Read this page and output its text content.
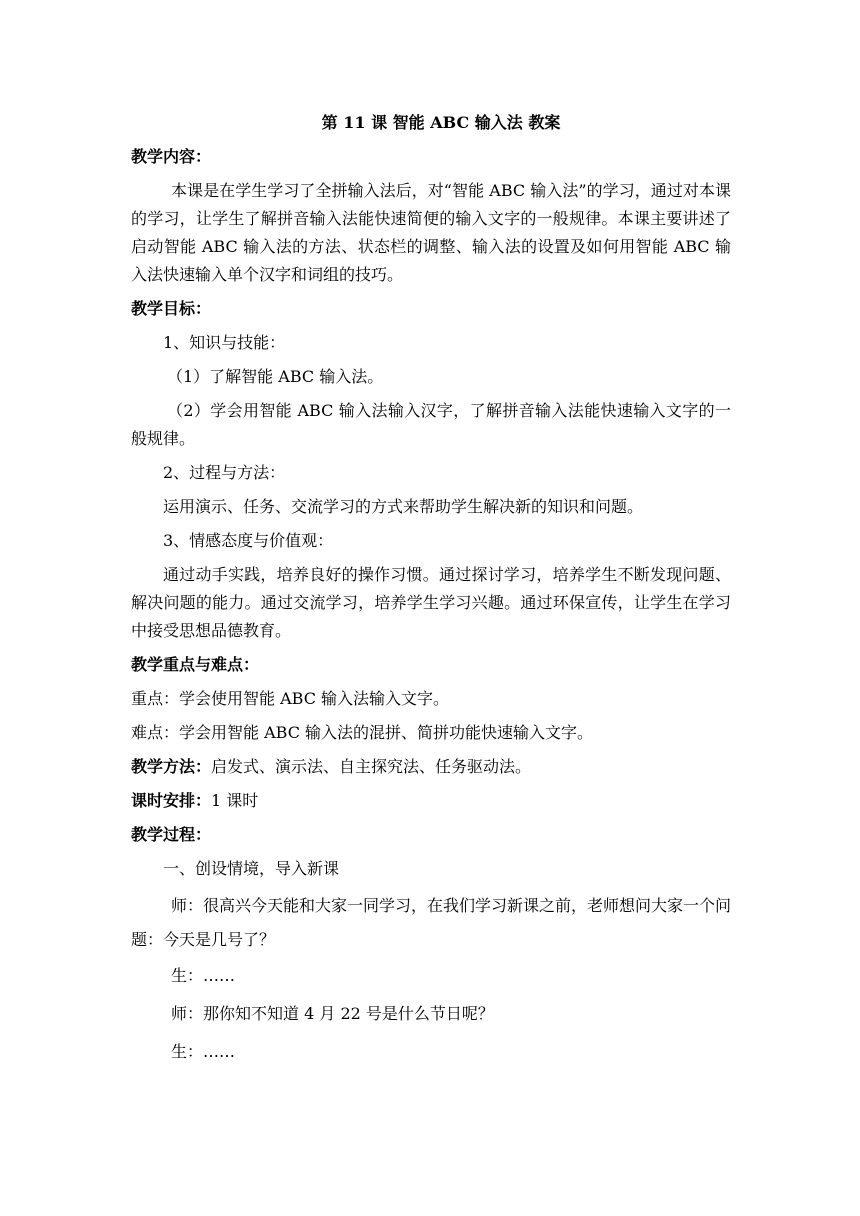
第 11 课 智能 ABC 输入法 教案
教学内容：

本课是在学生学习了全拼输入法后，对“智能 ABC 输入法”的学习，通过对本课的学习，让学生了解拼音输入法能快速简便的输入文字的一般规律。本课主要讲述了启动智能 ABC 输入法的方法、状态栏的调整、输入法的设置及如何用智能 ABC 输入法快速输入单个汉字和词组的技巧。

教学目标：
1、知识与技能：
（1）了解智能 ABC 输入法。

（2）学会用智能 ABC 输入法输入汉字，了解拼音输入法能快速输入文字的一般规律。

2、过程与方法：
运用演示、任务、交流学习的方式来帮助学生解决新的知识和问题。
3、情感态度与价值观：

通过动手实践，培养良好的操作习惯。通过探讨学习，培养学生不断发现问题、解决问题的能力。通过交流学习，培养学生学习兴趣。通过环保宣传，让学生在学习中接受思想品德教育。

教学重点与难点：
重点：学会使用智能 ABC 输入法输入文字。
难点：学会用智能 ABC 输入法的混拼、简拼功能快速输入文字。
教学方法：启发式、演示法、自主探究法、任务驱动法。
课时安排：1 课时
教学过程：
一、创设情境，导入新课

师：很高兴今天能和大家一同学习，在我们学习新课之前，老师想问大家一个问题：今天是几号了？

生：……
师：那你知不知道 4 月 22 号是什么节日呢？
生：……
